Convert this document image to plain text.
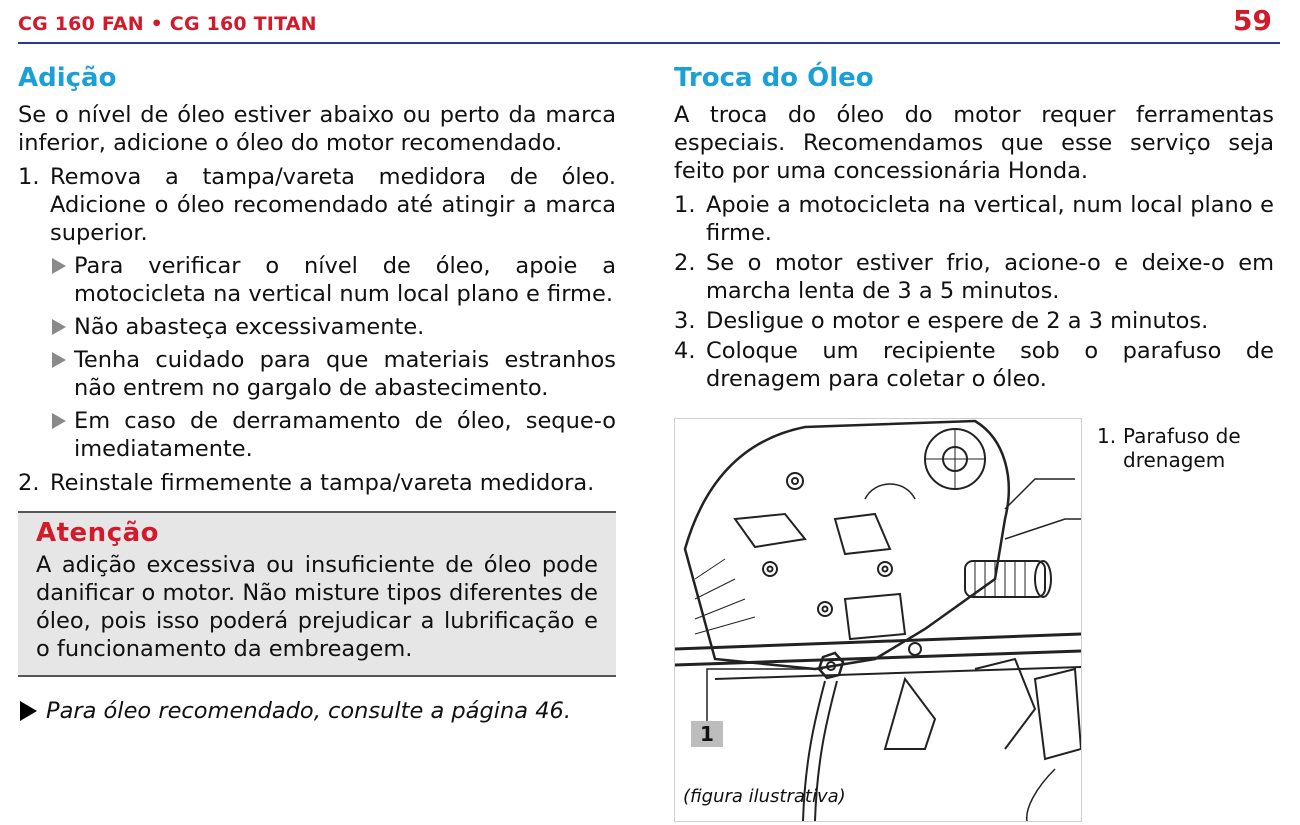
CG 160 FAN • CG 160 TITAN	59
Adição

Se o nível de óleo estiver abaixo ou perto da marca inferior, adicione o óleo do motor recomendado.

1. Remova a tampa/vareta medidora de óleo. Adicione o óleo recomendado até atingir a marca superior.
Para verificar o nível de óleo, apoie a motocicleta na vertical num local plano e firme.
Não abasteça excessivamente.
Tenha cuidado para que materiais estranhos não entrem no gargalo de abastecimento.
Em caso de derramamento de óleo, seque-o imediatamente.
2. Reinstale firmemente a tampa/vareta medidora.
Atenção

A adição excessiva ou insuficiente de óleo pode danificar o motor. Não misture tipos diferentes de óleo, pois isso poderá prejudicar a lubrificação e o funcionamento da embreagem.

Para óleo recomendado, consulte a página 46.
Troca do Óleo

A troca do óleo do motor requer ferramentas especiais. Recomendamos que esse serviço seja feito por uma concessionária Honda.

1. Apoie a motocicleta na vertical, num local plano e firme.
2. Se o motor estiver frio, acione-o e deixe-o em marcha lenta de 3 a 5 minutos.
3. Desligue o motor e espere de 2 a 3 minutos.
4. Coloque um recipiente sob o parafuso de drenagem para coletar o óleo.
1
(figura ilustrativa)
1. Parafuso de drenagem
